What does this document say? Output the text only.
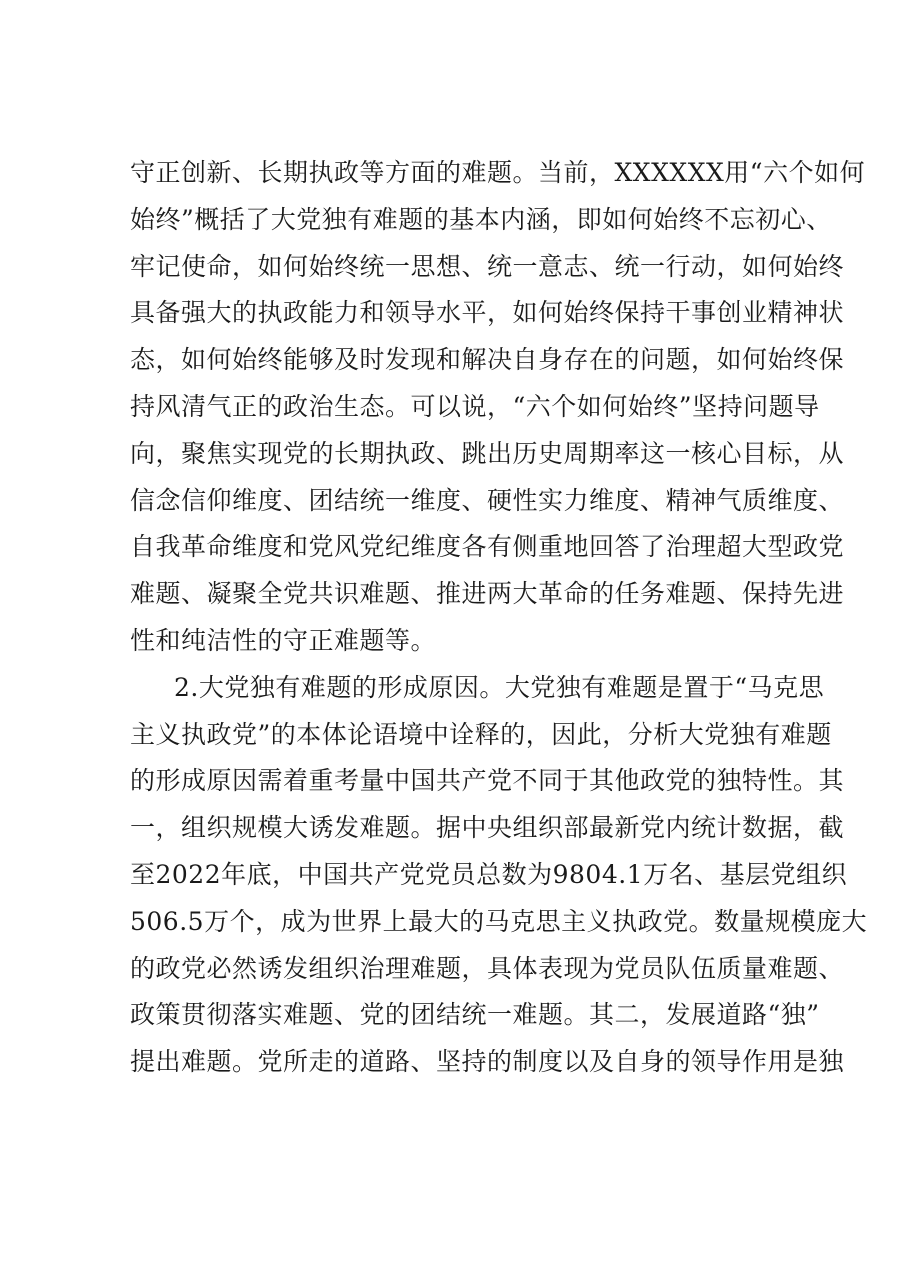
守正创新、长期执政等方面的难题。当前，XXXXXX用“六个如何
始终”概括了大党独有难题的基本内涵，即如何始终不忘初心、
牢记使命，如何始终统一思想、统一意志、统一行动，如何始终
具备强大的执政能力和领导水平，如何始终保持干事创业精神状
态，如何始终能够及时发现和解决自身存在的问题，如何始终保
持风清气正的政治生态。可以说，“六个如何始终”坚持问题导
向，聚焦实现党的长期执政、跳出历史周期率这一核心目标，从
信念信仰维度、团结统一维度、硬性实力维度、精神气质维度、
自我革命维度和党风党纪维度各有侧重地回答了治理超大型政党
难题、凝聚全党共识难题、推进两大革命的任务难题、保持先进
性和纯洁性的守正难题等。
2.大党独有难题的形成原因。大党独有难题是置于“马克思
主义执政党”的本体论语境中诠释的，因此，分析大党独有难题
的形成原因需着重考量中国共产党不同于其他政党的独特性。其
一，组织规模大诱发难题。据中央组织部最新党内统计数据，截
至2022年底，中国共产党党员总数为9804.1万名、基层党组织
506.5万个，成为世界上最大的马克思主义执政党。数量规模庞大
的政党必然诱发组织治理难题，具体表现为党员队伍质量难题、
政策贯彻落实难题、党的团结统一难题。其二，发展道路“独”
提出难题。党所走的道路、坚持的制度以及自身的领导作用是独
